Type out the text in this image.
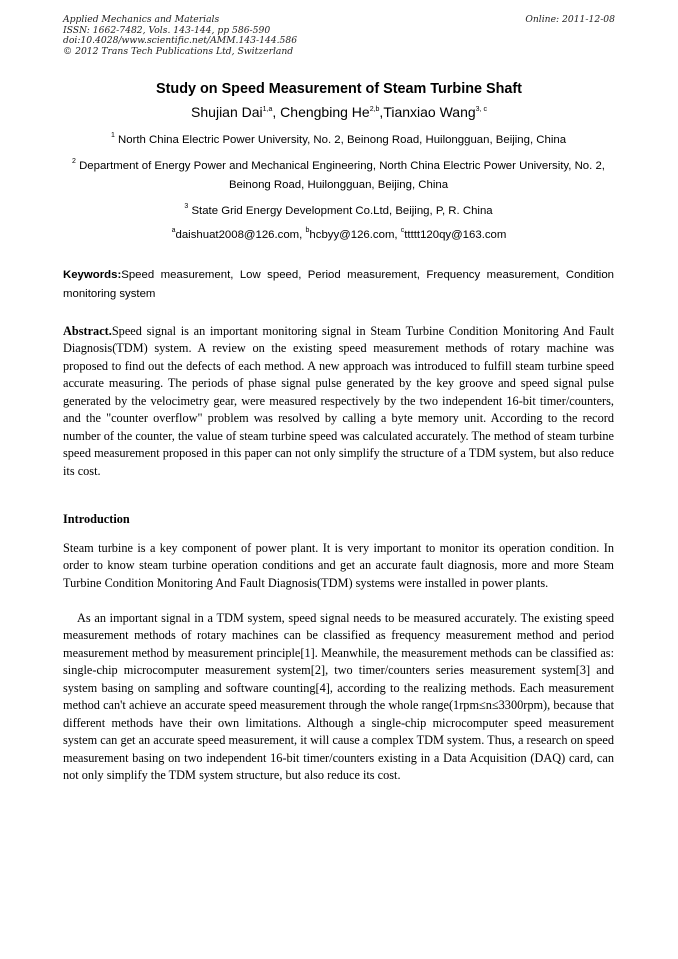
Applied Mechanics and Materials
ISSN: 1662-7482, Vols. 143-144, pp 586-590
doi:10.4028/www.scientific.net/AMM.143-144.586
© 2012 Trans Tech Publications Ltd, Switzerland
Online: 2011-12-08
Study on Speed Measurement of Steam Turbine Shaft
Shujian Dai$^{1,a}$, Chengbing He$^{2,b}$,Tianxiao Wang$^{3, c}$
$^1$ North China Electric Power University, No. 2, Beinong Road, Huilongguan, Beijing, China
$^2$ Department of Energy Power and Mechanical Engineering, North China Electric Power University, No. 2, Beinong Road, Huilongguan, Beijing, China
$^3$ State Grid Energy Development Co.Ltd, Beijing, P, R. China
$^a$daishuat2008@126.com, $^b$hcbyy@126.com, $^c$ttttt120qy@163.com
Keywords:Speed measurement, Low speed, Period measurement, Frequency measurement, Condition monitoring system
Abstract.Speed signal is an important monitoring signal in Steam Turbine Condition Monitoring And Fault Diagnosis(TDM) system. A review on the existing speed measurement methods of rotary machine was proposed to find out the defects of each method. A new approach was introduced to fulfill steam turbine speed accurate measuring. The periods of phase signal pulse generated by the key groove and speed signal pulse generated by the velocimetry gear, were measured respectively by the two independent 16-bit timer/counters, and the "counter overflow" problem was resolved by calling a byte memory unit. According to the record number of the counter, the value of steam turbine speed was calculated accurately. The method of steam turbine speed measurement proposed in this paper can not only simplify the structure of a TDM system, but also reduce its cost.
Introduction
Steam turbine is a key component of power plant. It is very important to monitor its operation condition. In order to know steam turbine operation conditions and get an accurate fault diagnosis, more and more Steam Turbine Condition Monitoring And Fault Diagnosis(TDM) systems were installed in power plants.
As an important signal in a TDM system, speed signal needs to be measured accurately. The existing speed measurement methods of rotary machines can be classified as frequency measurement method and period measurement method by measurement principle[1]. Meanwhile, the measurement methods can be classified as: single-chip microcomputer measurement system[2], two timer/counters series measurement system[3] and system basing on sampling and software counting[4], according to the realizing methods. Each measurement method can't achieve an accurate speed measurement through the whole range(1rpm≤n≤3300rpm), because that different methods have their own limitations. Although a single-chip microcomputer speed measurement system can get an accurate speed measurement, it will cause a complex TDM system. Thus, a research on speed measurement basing on two independent 16-bit timer/counters existing in a Data Acquisition (DAQ) card, can not only simplify the TDM system structure, but also reduce its cost.
